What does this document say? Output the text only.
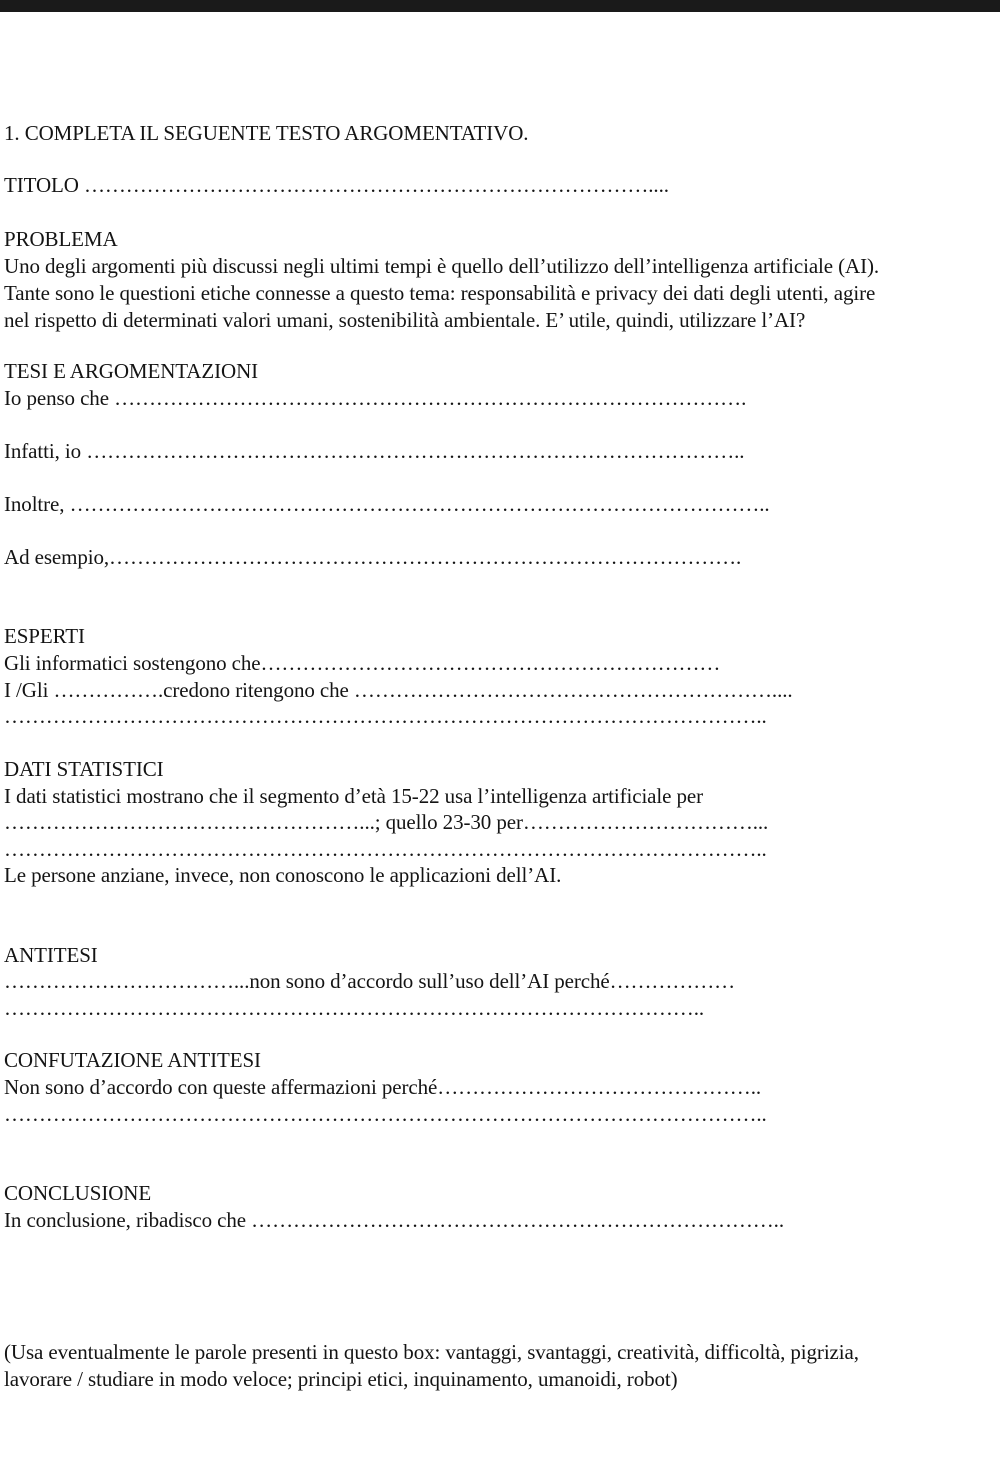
1. COMPLETA IL SEGUENTE TESTO ARGOMENTATIVO.
TITOLO ………………………………………………………………………....
PROBLEMA
Uno degli argomenti più discussi negli ultimi tempi è quello dell’utilizzo dell’intelligenza artificiale (AI).
Tante sono le questioni etiche connesse a questo tema: responsabilità e privacy dei dati degli utenti, agire
nel rispetto di determinati valori umani, sostenibilità ambientale. E’ utile, quindi, utilizzare l’AI?
TESI E ARGOMENTAZIONI
Io penso che ……………………………………………………………………………….
Infatti, io …………………………………………………………………………………..
Inoltre, ………………………………………………………………………………………..
Ad esempio,……………………………………………………………………………….
ESPERTI
Gli informatici sostengono che…………………………………………………………
I /Gli …………….credono ritengono che ……………………………………………………....
………………………………………………………………………………………………..
DATI STATISTICI
I dati statistici mostrano che il segmento d’età 15-22 usa l’intelligenza artificiale per
……………………………………………...; quello 23-30 per……………………………...
………………………………………………………………………………………………..
Le persone anziane, invece, non conoscono le applicazioni dell’AI.
ANTITESI
……………………………...non sono d’accordo sull’uso dell’AI perché………………
………………………………………………………………………………………..
CONFUTAZIONE ANTITESI
Non sono d’accordo con queste affermazioni perché………………………………………..
………………………………………………………………………………………………..
CONCLUSIONE
In conclusione, ribadisco che …………………………………………………………………..
(Usa eventualmente le parole presenti in questo box: vantaggi, svantaggi, creatività, difficoltà, pigrizia,
lavorare / studiare in modo veloce; principi etici, inquinamento, umanoidi, robot)
